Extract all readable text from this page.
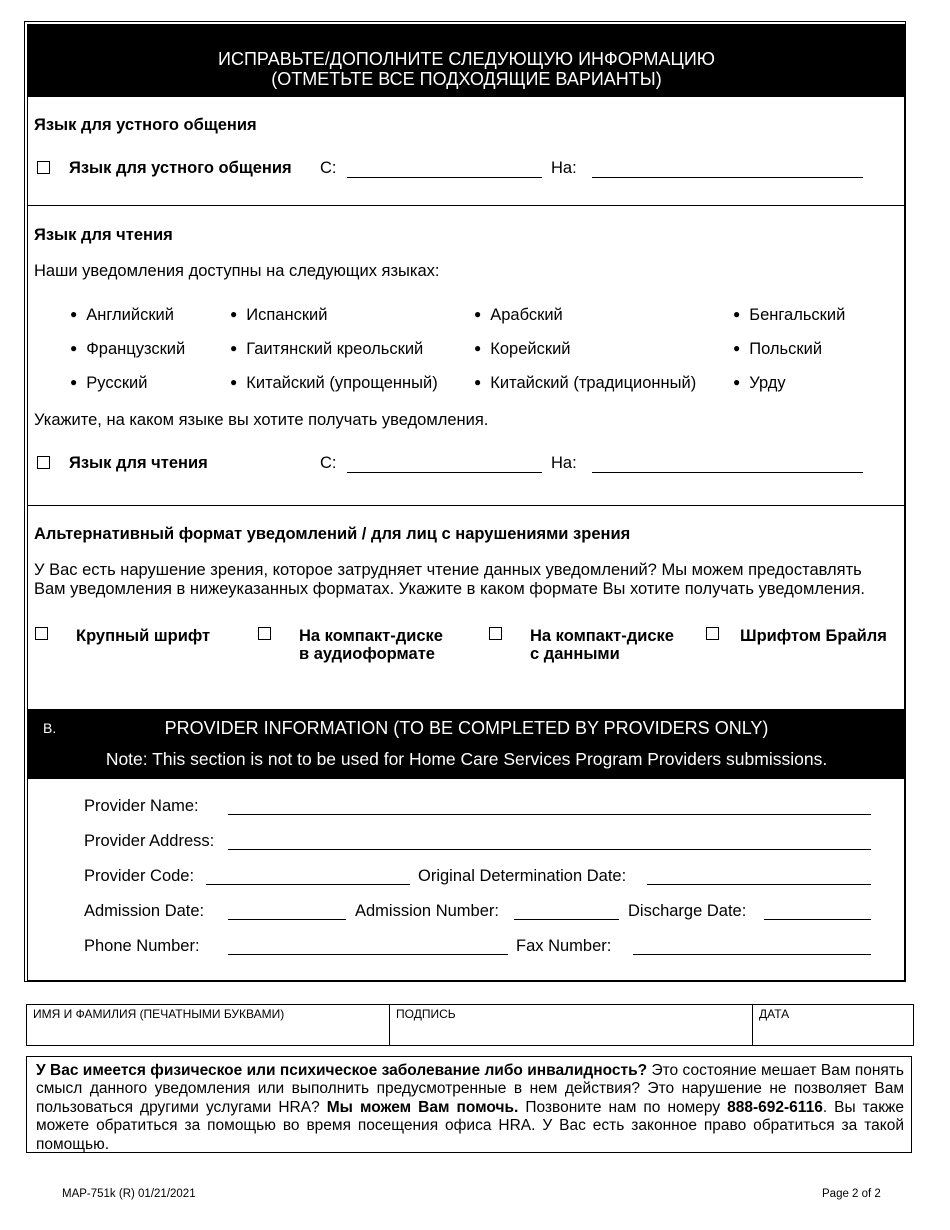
ИСПРАВЬТЕ/ДОПОЛНИТЕ СЛЕДУЮЩУЮ ИНФОРМАЦИЮ
(ОТМЕТЬТЕ ВСЕ ПОДХОДЯЩИЕ ВАРИАНТЫ)
Язык для устного общения
Язык для устного общения С:	На:
Язык для чтения
Наши уведомления доступны на следующих языках:
● Английский	● Испанский	● Арабский	● Бенгальский
● Французский	● Гаитянский креольский	● Корейский	● Польский
● Русский	● Китайский (упрощенный)	● Китайский (традиционный)	● Урду
Укажите, на каком языке вы хотите получать уведомления.
Язык для чтения	С:	На:
Альтернативный формат уведомлений / для лиц с нарушениями зрения
У Вас есть нарушение зрения, которое затрудняет чтение данных уведомлений? Мы можем предоставлять
Вам уведомления в нижеуказанных форматах. Укажите в каком формате Вы хотите получать уведомления.
Крупный шрифт	На компакт-диске
в аудиоформате
На компакт-диске
с данными
Шрифтом Брайля
B.	PROVIDER INFORMATION (TO BE COMPLETED BY PROVIDERS ONLY)
Note: This section is not to be used for Home Care Services Program Providers submissions.
Provider Name:
Provider Address:
Provider Code:	Original Determination Date:
Admission Date:	Admission Number:	Discharge Date:
Phone Number:	Fax Number:
ИМЯ И ФАМИЛИЯ (ПЕЧАТНЫМИ БУКВАМИ)	ПОДПИСЬ	ДАТА
У Вас имеется физическое или психическое заболевание либо инвалидность? Это состояние мешает Вам понять смысл данного уведомления или выполнить предусмотренные в нем действия? Это нарушение не позволяет Вам пользоваться другими услугами HRA? Мы можем Вам помочь. Позвоните нам по номеру 888-692-6116. Вы также можете обратиться за помощью во время посещения офиса HRA. У Вас есть законное право обратиться за такой помощью.
MAP-751k (R) 01/21/2021	Page 2 of 2
